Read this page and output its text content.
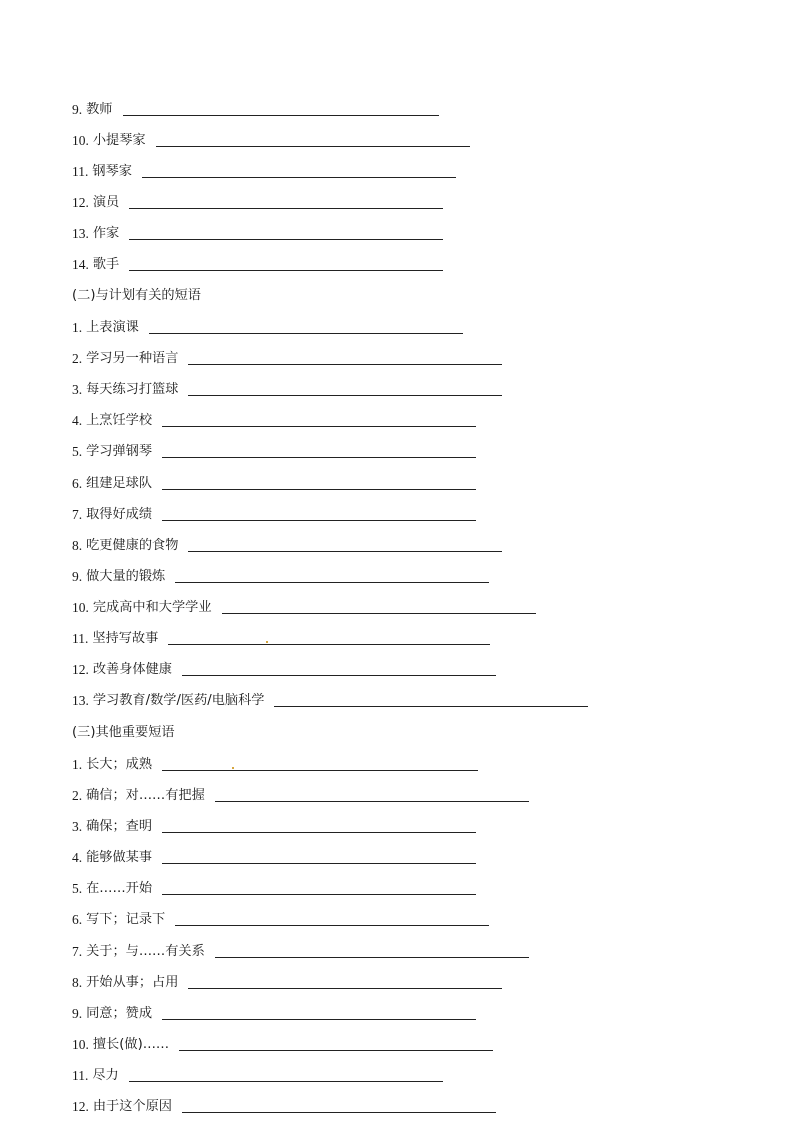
9. 教师
10. 小提琴家
11. 钢琴家
12. 演员
13. 作家
14. 歌手
(二)与计划有关的短语
1. 上表演课
2. 学习另一种语言
3. 每天练习打篮球
4. 上烹饪学校
5. 学习弹钢琴
6. 组建足球队
7. 取得好成绩
8. 吃更健康的食物
9. 做大量的锻炼
10. 完成高中和大学学业
11. 坚持写故事
12. 改善身体健康
13. 学习教育/数学/医药/电脑科学
(三)其他重要短语
1. 长大；成熟
2. 确信；对……有把握
3. 确保；查明
4. 能够做某事
5. 在……开始
6. 写下；记录下
7. 关于；与……有关系
8. 开始从事；占用
9. 同意；赞成
10. 擅长(做)……
11. 尽力
12. 由于这个原因
